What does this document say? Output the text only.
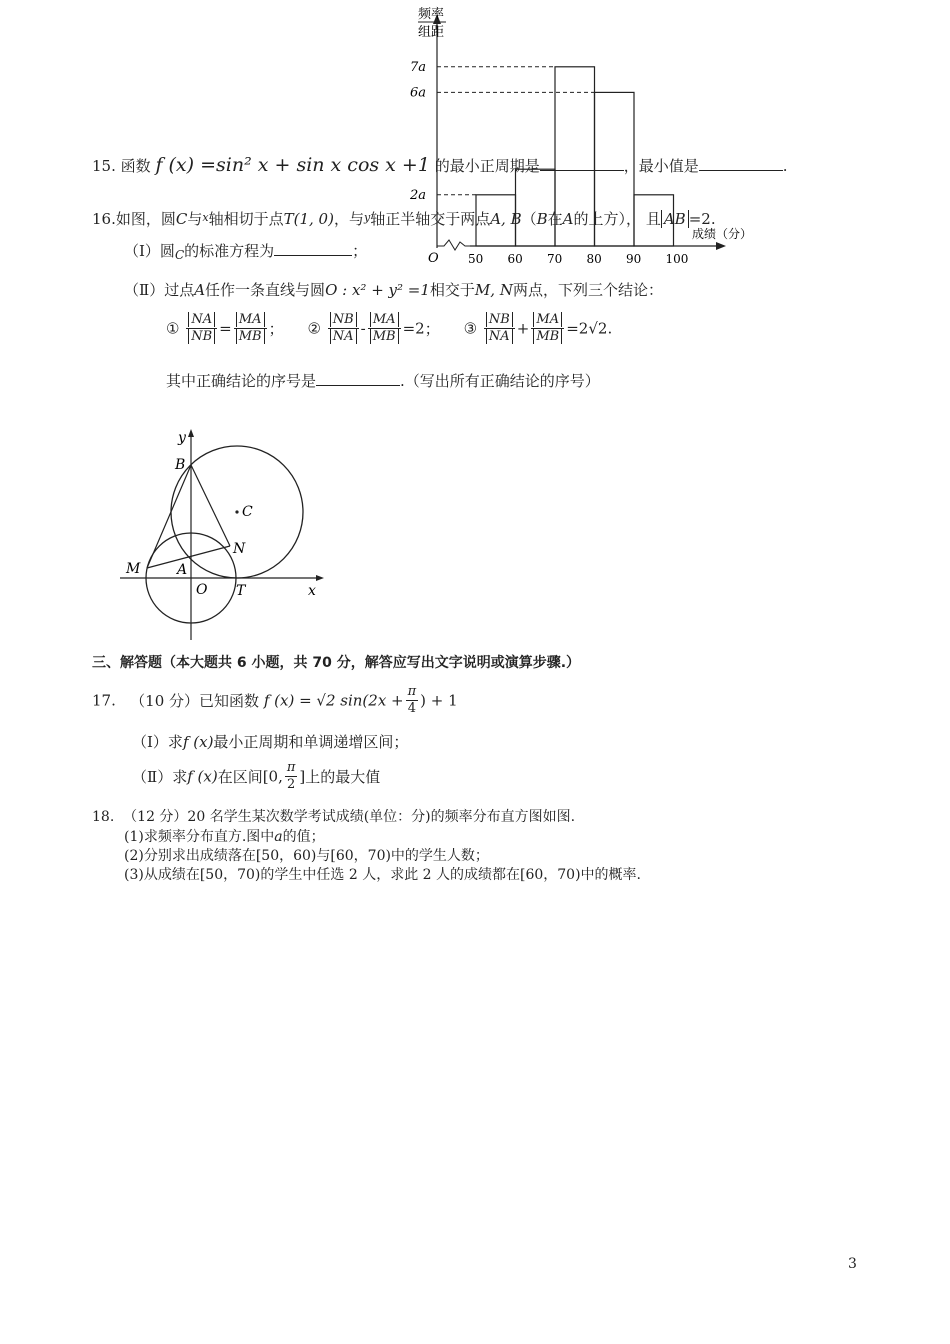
频率
组距
O
成绩（分）
50 60 70 80 90 100
7a
6a
2a
15. 函数 f (x) =sin² x + sin x cos x +1 的最小正周期是	，最小值是	.
16.如图，圆C与$^x$轴相切于点T(1, 0)，与$^y$轴正半轴交于两点A, B（B在A的上方）， 且 AB =2.
（Ⅰ）圆$_C$的标准方程为	；
（Ⅱ）过点A任作一条直线与圆O : x² + y² =1相交于M, N两点，下列三个结论：
① $\frac{NA}{NB} = \frac{MA}{MB}$ ； ② $\frac{NB}{NA} - \frac{MA}{MB} =2$； ③ $\frac{NB}{NA} + \frac{MA}{MB} =2√2$.
其中正确结论的序号是	.（写出所有正确结论的序号）
y
x
B
C
N
M	A
O T
三、解答题（本大题共 6 小题，共 70 分，解答应写出文字说明或演算步骤.）
17. （10 分）已知函数 f (x) = √2 $\sin(2x + \frac{\pi}{4}$ ) + 1
（Ⅰ）求f (x)最小正周期和单调递增区间；
（Ⅱ）求f (x)在区间[0, $\frac{\pi}{2}$ ]上的最大值
18. （12 分）20 名学生某次数学考试成绩(单位：分)的频率分布直方图如图.
(1)求频率分布直方.图中a的值；
(2)分别求出成绩落在[50，60)与[60，70)中的学生人数；
(3)从成绩在[50，70)的学生中任选 2 人，求此 2 人的成绩都在[60，70)中的概率.
3
